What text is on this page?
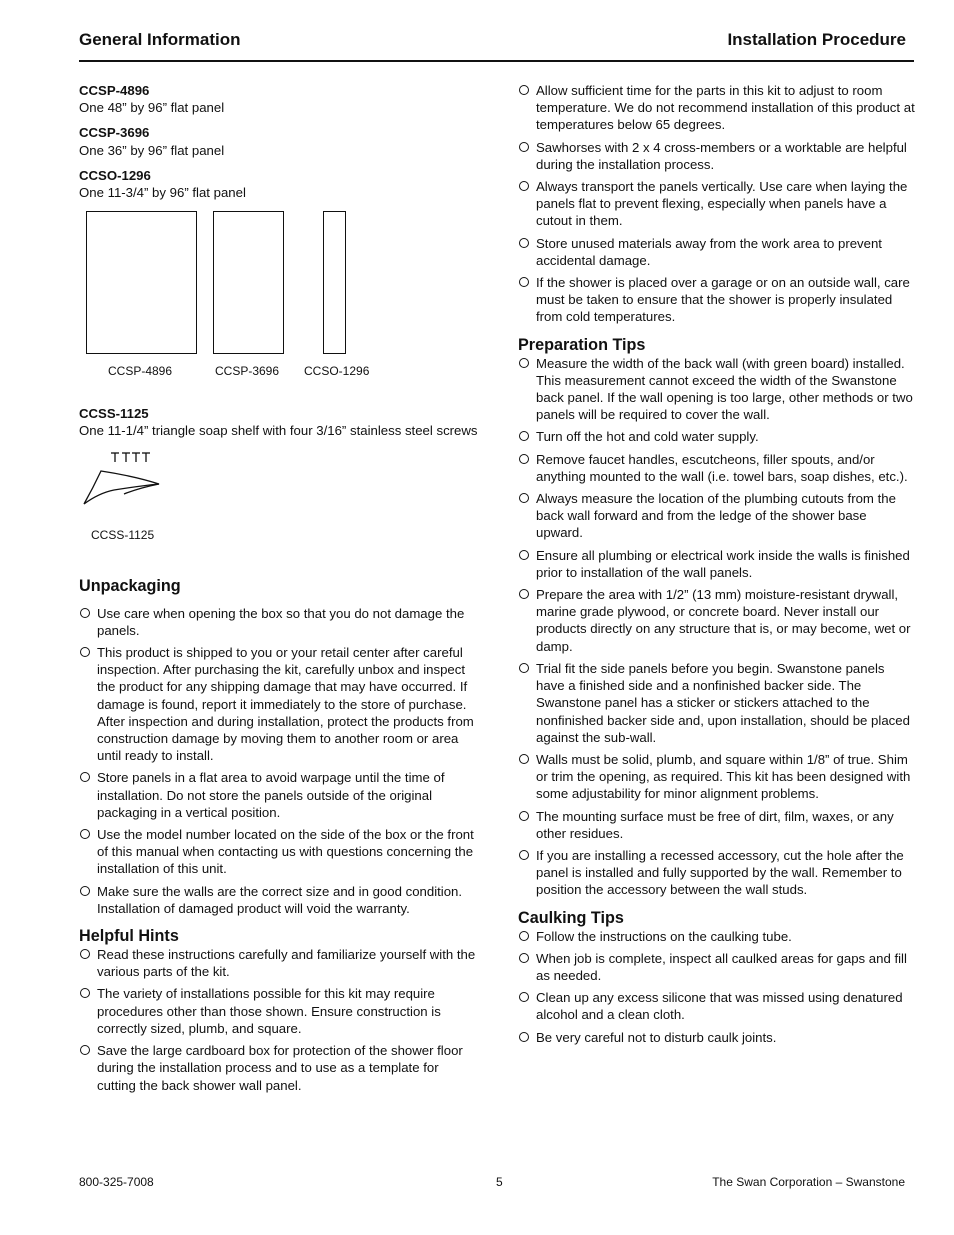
General Information	Installation Procedure
CCSP-4896
One 48” by 96” flat panel
CCSP-3696
One 36” by 96” flat panel
CCSO-1296
One 11-3/4” by 96” flat panel
CCSP-4896	CCSP-3696 CCSO-1296
CCSS-1125
One 11-1/4” triangle soap shelf with four 3/16” stainless steel screws
CCSS-1125
Unpackaging
Use care when opening the box so that you do not damage the panels.
This product is shipped to you or your retail center after careful inspection. After purchasing the kit, carefully unbox and inspect the product for any shipping damage that may have occurred. If damage is found, report it immediately to the store of purchase. After inspection and during installation, protect the products from construction damage by moving them to another room or area until ready to install.
Store panels in a flat area to avoid warpage until the time of installation. Do not store the panels outside of the original packaging in a vertical position.
Use the model number located on the side of the box or the front of this manual when contacting us with questions concerning the installation of this unit.
Make sure the walls are the correct size and in good condition. Installation of damaged product will void the warranty.
Helpful Hints
Read these instructions carefully and familiarize yourself with the various parts of the kit.
The variety of installations possible for this kit may require procedures other than those shown. Ensure construction is correctly sized, plumb, and square.
Save the large cardboard box for protection of the shower floor during the installation process and to use as a template for cutting the back shower wall panel.
Allow sufficient time for the parts in this kit to adjust to room temperature. We do not recommend installation of this product at temperatures below 65 degrees.
Sawhorses with 2 x 4 cross-members or a worktable are helpful during the installation process.
Always transport the panels vertically. Use care when laying the panels flat to prevent flexing, especially when panels have a cutout in them.
Store unused materials away from the work area to prevent accidental damage.
If the shower is placed over a garage or on an outside wall, care must be taken to ensure that the shower is properly insulated from cold temperatures.
Preparation Tips
Measure the width of the back wall (with green board) installed. This measurement cannot exceed the width of the Swanstone back panel. If the wall opening is too large, other methods or two panels will be required to cover the wall.
Turn off the hot and cold water supply.
Remove faucet handles, escutcheons, filler spouts, and/or anything mounted to the wall (i.e. towel bars, soap dishes, etc.).
Always measure the location of the plumbing cutouts from the back wall forward and from the ledge of the shower base upward.
Ensure all plumbing or electrical work inside the walls is finished prior to installation of the wall panels.
Prepare the area with 1/2” (13 mm) moisture-resistant drywall, marine grade plywood, or concrete board. Never install our products directly on any structure that is, or may become, wet or damp.
Trial fit the side panels before you begin. Swanstone panels have a finished side and a nonfinished backer side. The Swanstone panel has a sticker or stickers attached to the nonfinished backer side and, upon installation, should be placed against the sub-wall.
Walls must be solid, plumb, and square within 1/8” of true. Shim or trim the opening, as required. This kit has been designed with some adjustability for minor alignment problems.
The mounting surface must be free of dirt, film, waxes, or any other residues.
If you are installing a recessed accessory, cut the hole after the panel is installed and fully supported by the wall. Remember to position the accessory between the wall studs.
Caulking Tips
Follow the instructions on the caulking tube.
When job is complete, inspect all caulked areas for gaps and fill as needed.
Clean up any excess silicone that was missed using denatured alcohol and a clean cloth.
Be very careful not to disturb caulk joints.
800-325-7008	5	The Swan Corporation – Swanstone
